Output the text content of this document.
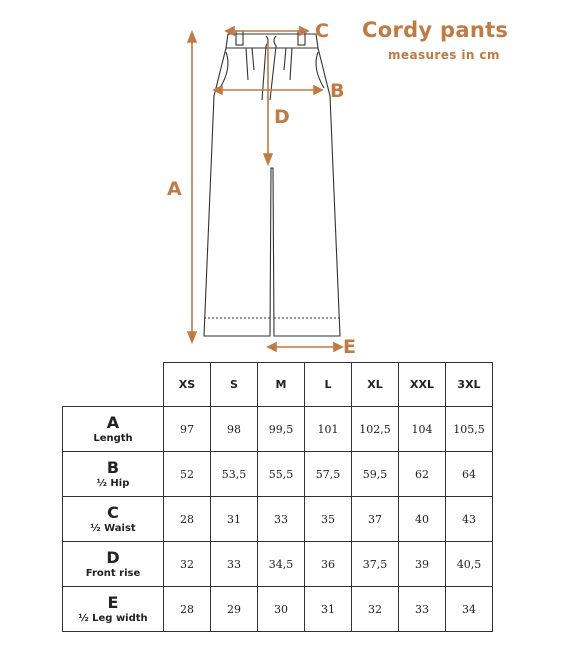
Cordy pants
measures in cm
A
B
C
D
E
	XS	S	M	L	XL	XXL	3XL

A
Length	97	98	99,5	101	102,5	104	105,5

B
½ Hip	52	53,5	55,5	57,5	59,5	62	64

C
½ Waist	28	31	33	35	37	40	43

D
Front rise	32	33	34,5	36	37,5	39	40,5

E
½ Leg width	28	29	30	31	32	33	34
